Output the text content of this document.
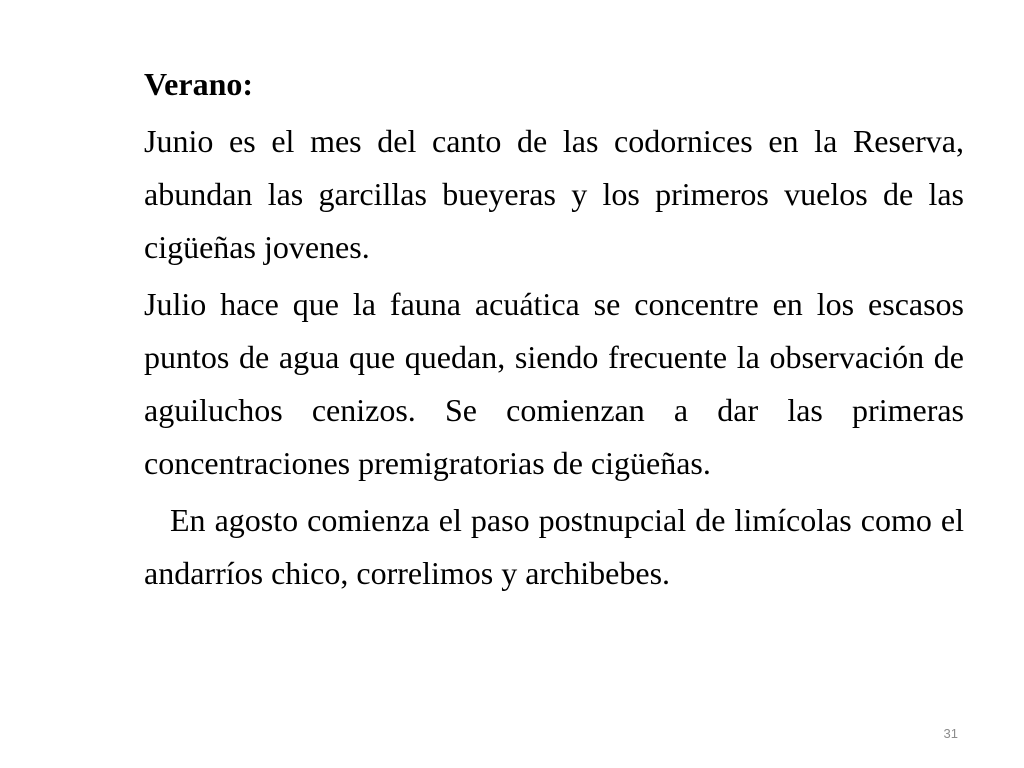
Verano:
Junio es el mes del canto de las codornices en la Reserva, abundan las garcillas bueyeras y los primeros vuelos de las cigüeñas jovenes.
Julio hace que la fauna acuática se concentre en los escasos puntos de agua que quedan, siendo frecuente la observación de aguiluchos cenizos. Se comienzan a dar las primeras concentraciones premigratorias de cigüeñas.
En agosto comienza el paso postnupcial de limícolas como el andarríos chico, correlimos y archibebes.
31
